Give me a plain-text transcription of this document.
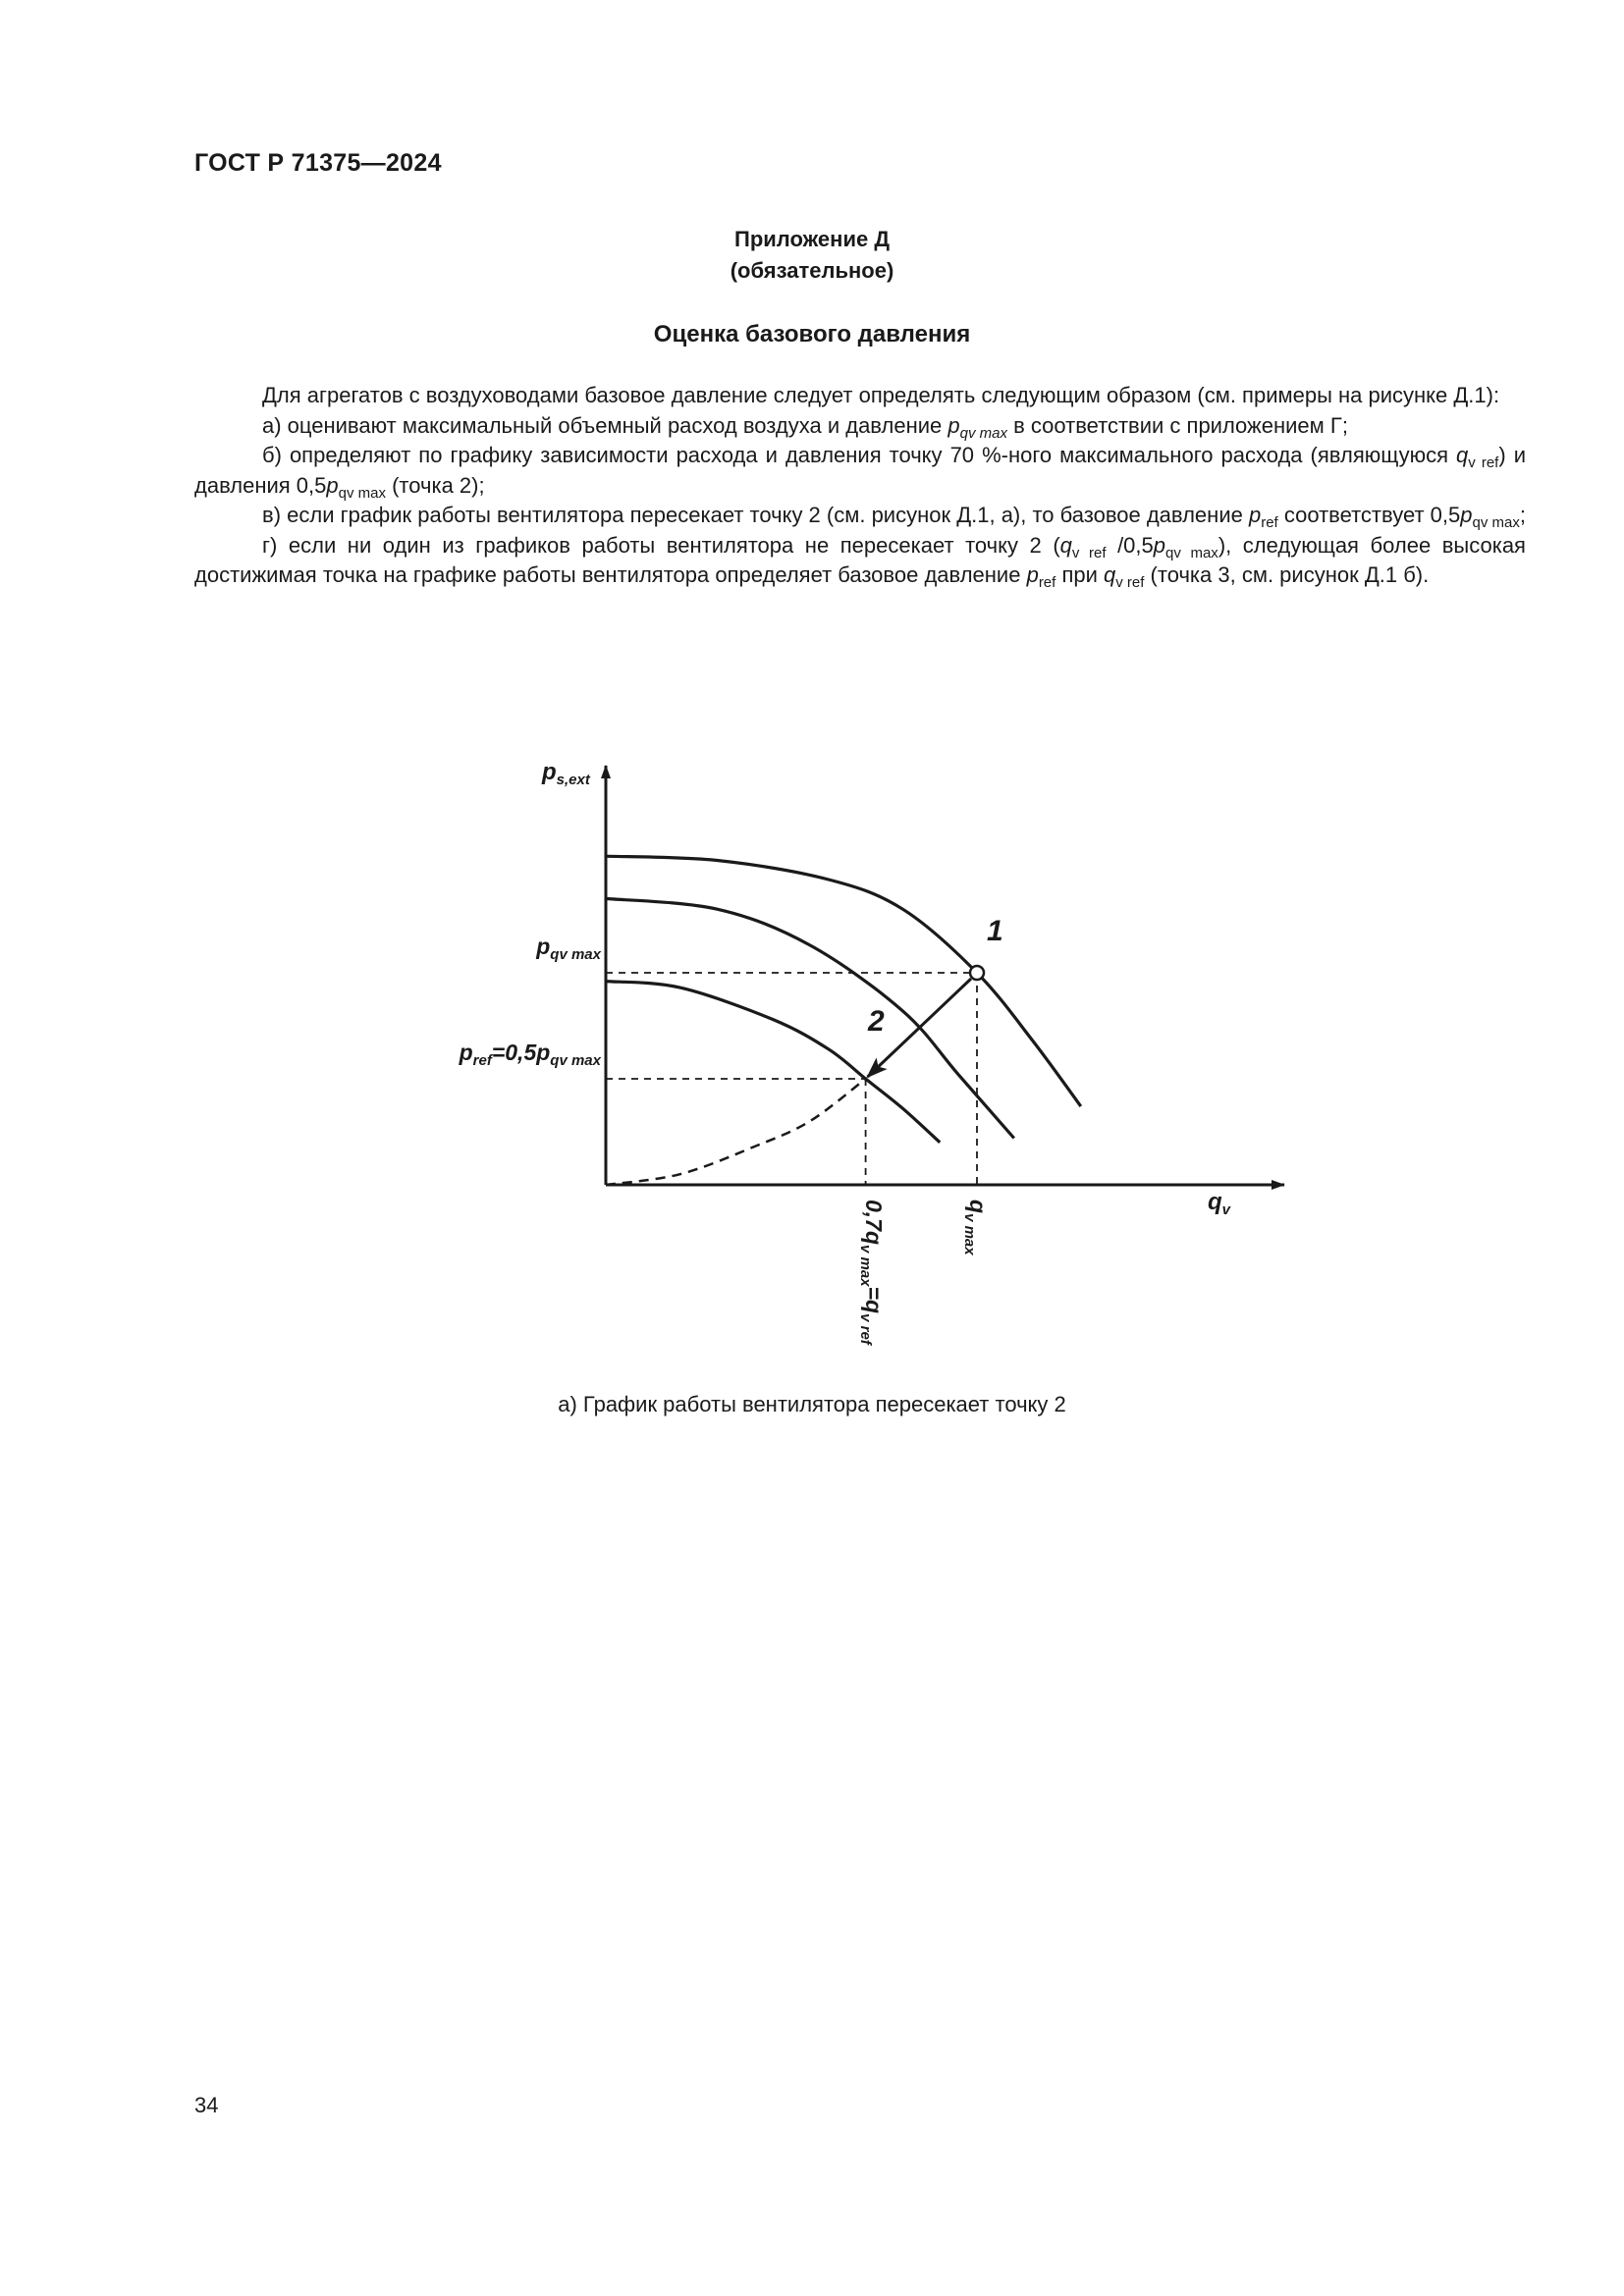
ГОСТ Р 71375—2024
Приложение Д
(обязательное)
Оценка базового давления

Для агрегатов с воздуховодами базовое давление следует определять следующим образом (см. примеры на рисунке Д.1):

а) оценивают максимальный объемный расход воздуха и давление $p_{qv max}$ в соответствии с приложением Г;

б) определяют по графику зависимости расхода и давления точку 70 %-ного максимального расхода (являющуюся $q_{v ref}$) и давления $0,5p_{qv max}$ (точка 2);

в) если график работы вентилятора пересекает точку 2 (см. рисунок Д.1, а), то базовое давление $p_{ref}$ соответствует $0,5p_{qv max}$;

г) если ни один из графиков работы вентилятора не пересекает точку 2 ($q_{v ref}$ $/0,5p_{qv max}$), следующая более высокая достижимая точка на графике работы вентилятора определяет базовое давление $p_{ref}$ при $q_{v ref}$ (точка 3, см. рисунок Д.1 б).

$p_{s,ext}$
$q_v$
$p_{qv max}$
$p_{ref}=0,5p_{qv max}$
$0,7q_{v max}=q_{v ref}$
$q_{v max}$
1
2
а) График работы вентилятора пересекает точку 2
34
